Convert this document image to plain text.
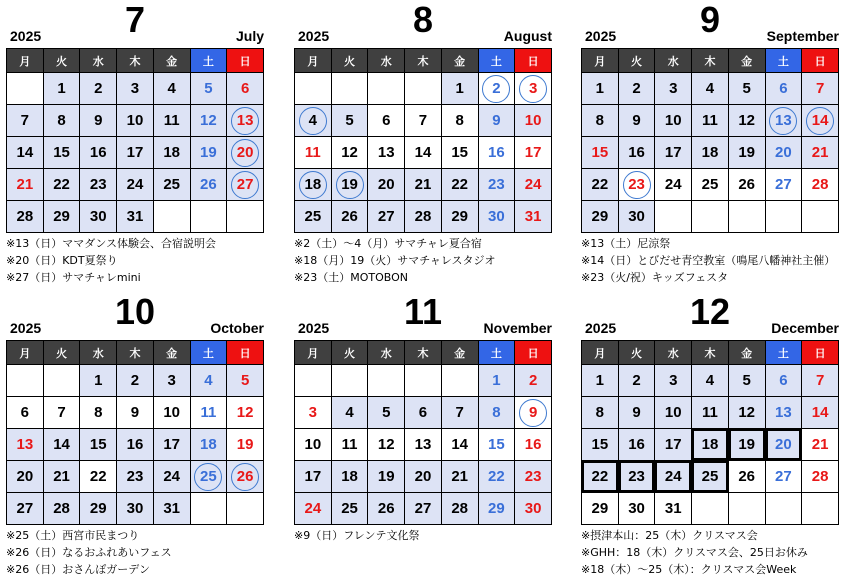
2025	7	July
月	火	水	木	金	土	日
	1	2	3	4	5	6
7	8	9	10	11	12	13
14	15	16	17	18	19	20
21	22	23	24	25	26	27
28	29	30	31			
※13（日）ママダンス体験会、合宿説明会
※20（日）KDT夏祭り
※27（日）サマチャレmini
2025	8	August
月	火	水	木	金	土	日
				1	2	3
4	5	6	7	8	9	10
11	12	13	14	15	16	17
18	19	20	21	22	23	24
25	26	27	28	29	30	31
※2（土）～4（月）サマチャレ夏合宿
※18（月）19（火）サマチャレスタジオ
※23（土）MOTOBON
2025	9	September
月	火	水	木	金	土	日
1	2	3	4	5	6	7
8	9	10	11	12	13	14
15	16	17	18	19	20	21
22	23	24	25	26	27	28
29	30					
※13（土）尼涼祭
※14（日）とびだせ青空教室（鳴尾八幡神社主催）
※23（火/祝）キッズフェスタ
2025	10	October
月	火	水	木	金	土	日
		1	2	3	4	5
6	7	8	9	10	11	12
13	14	15	16	17	18	19
20	21	22	23	24	25	26
27	28	29	30	31		
※25（土）西宮市民まつり
※26（日）なるおふれあいフェス
※26（日）おさんぽガーデン
2025	11	November
月	火	水	木	金	土	日
					1	2
3	4	5	6	7	8	9
10	11	12	13	14	15	16
17	18	19	20	21	22	23
24	25	26	27	28	29	30
※9（日）フレンテ文化祭
2025	12	December
月	火	水	木	金	土	日
1	2	3	4	5	6	7
8	9	10	11	12	13	14
15	16	17	18	19	20	21
22	23	24	25	26	27	28
29	30	31				
※摂津本山：25（木）クリスマス会
※GHH：18（木）クリスマス会、25日お休み
※18（木）～25（木）：クリスマス会Week
